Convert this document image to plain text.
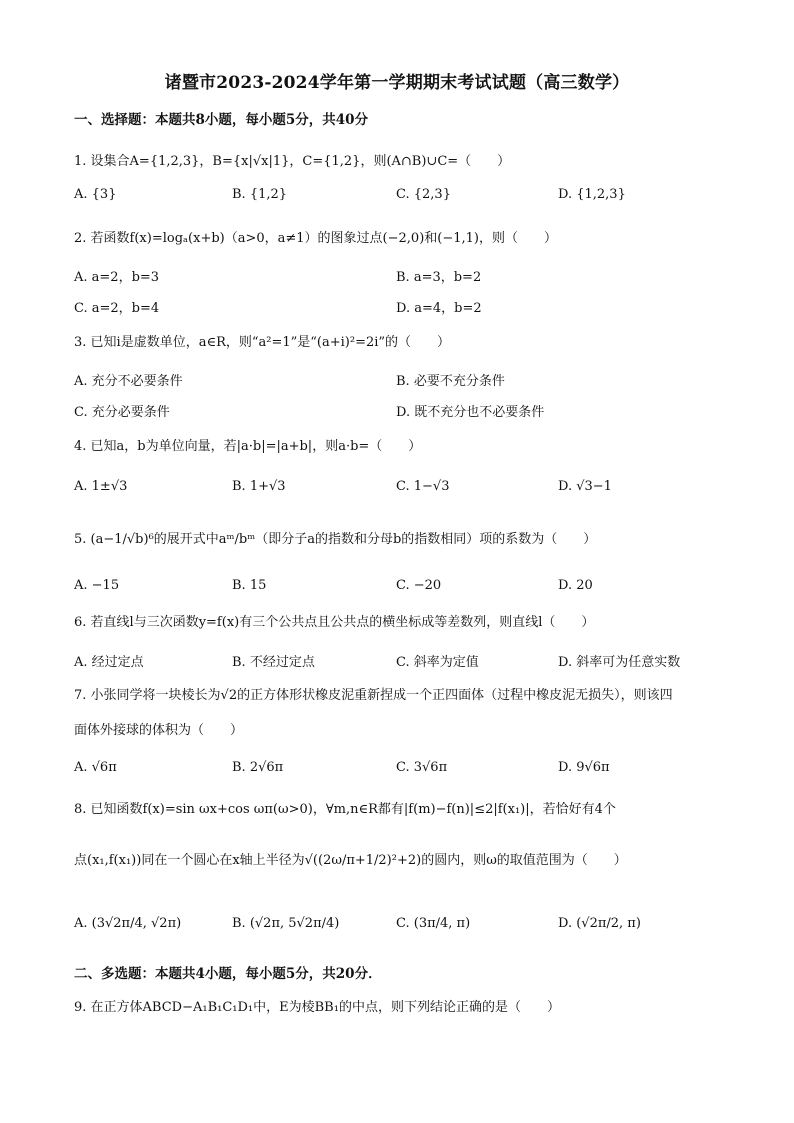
诸暨市2023-2024学年第一学期期末考试试题（高三数学）
一、选择题：本题共8小题，每小题5分，共40分
1. 设集合A={1,2,3}，B={x|√x|1}，C={1,2}，则(A∩B)∪C=（　　）
A. {3}	B. {1,2}	C. {2,3}	D. {1,2,3}
2. 若函数f(x)=logₐ(x+b)（a>0，a≠1）的图象过点(−2,0)和(−1,1)，则（　　）
A. a=2，b=3	B. a=3，b=2
C. a=2，b=4	D. a=4，b=2
3. 已知i是虚数单位，a∈R，则“a²=1”是“(a+i)²=2i”的（　　）
A. 充分不必要条件	B. 必要不充分条件
C. 充分必要条件	D. 既不充分也不必要条件
4. 已知a，b为单位向量，若|a·b|=|a+b|，则a·b=（　　）
A. 1±√3	B. 1+√3	C. 1−√3	D. √3−1
5. (a−1/√b)⁶的展开式中aᵐ/bᵐ（即分子a的指数和分母b的指数相同）项的系数为（　　）
A. −15	B. 15	C. −20	D. 20
6. 若直线l与三次函数y=f(x)有三个公共点且公共点的横坐标成等差数列，则直线l（　　）
A. 经过定点	B. 不经过定点	C. 斜率为定值	D. 斜率可为任意实数
7. 小张同学将一块棱长为√2的正方体形状橡皮泥重新捏成一个正四面体（过程中橡皮泥无损失），则该四
面体外接球的体积为（　　）
A. √6π	B. 2√6π	C. 3√6π	D. 9√6π
8. 已知函数f(x)=sin ωx+cos ωπ(ω>0)，∀m,n∈R都有|f(m)−f(n)|≤2|f(x₁)|，若恰好有4个
点(x₁,f(x₁))同在一个圆心在x轴上半径为√((2ω/π+1/2)²+2)的圆内，则ω的取值范围为（　　）
A. (3√2π/4, √2π)	B. (√2π, 5√2π/4)	C. (3π/4, π)	D. (√2π/2, π)
二、多选题：本题共4小题，每小题5分，共20分．
9. 在正方体ABCD−A₁B₁C₁D₁中，E为棱BB₁的中点，则下列结论正确的是（　　）
